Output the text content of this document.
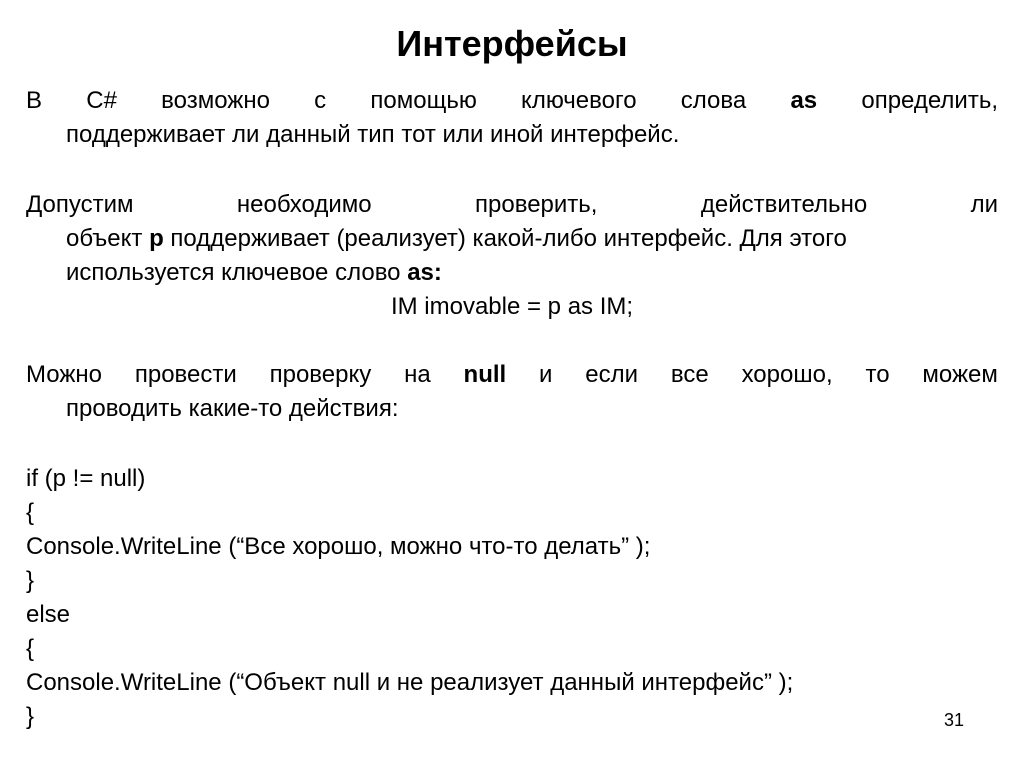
Интерфейсы
В С# возможно с помощью ключевого слова as определить,
поддерживает ли данный тип тот или иной интерфейс.
Допустим	необходимо	проверить,	действительно	ли
объект p поддерживает (реализует) какой-либо интерфейс. Для этого
используется ключевое слово as:
IM imovable = p as IM;
Можно провести проверку на null и если все хорошо, то можем
проводить какие-то действия:
if (p != null)
{
Console.WriteLine (“Все хорошо, можно что-то делать” );
}
else
{
Console.WriteLine (“Объект null и не реализует данный интерфейс” );
}	31
